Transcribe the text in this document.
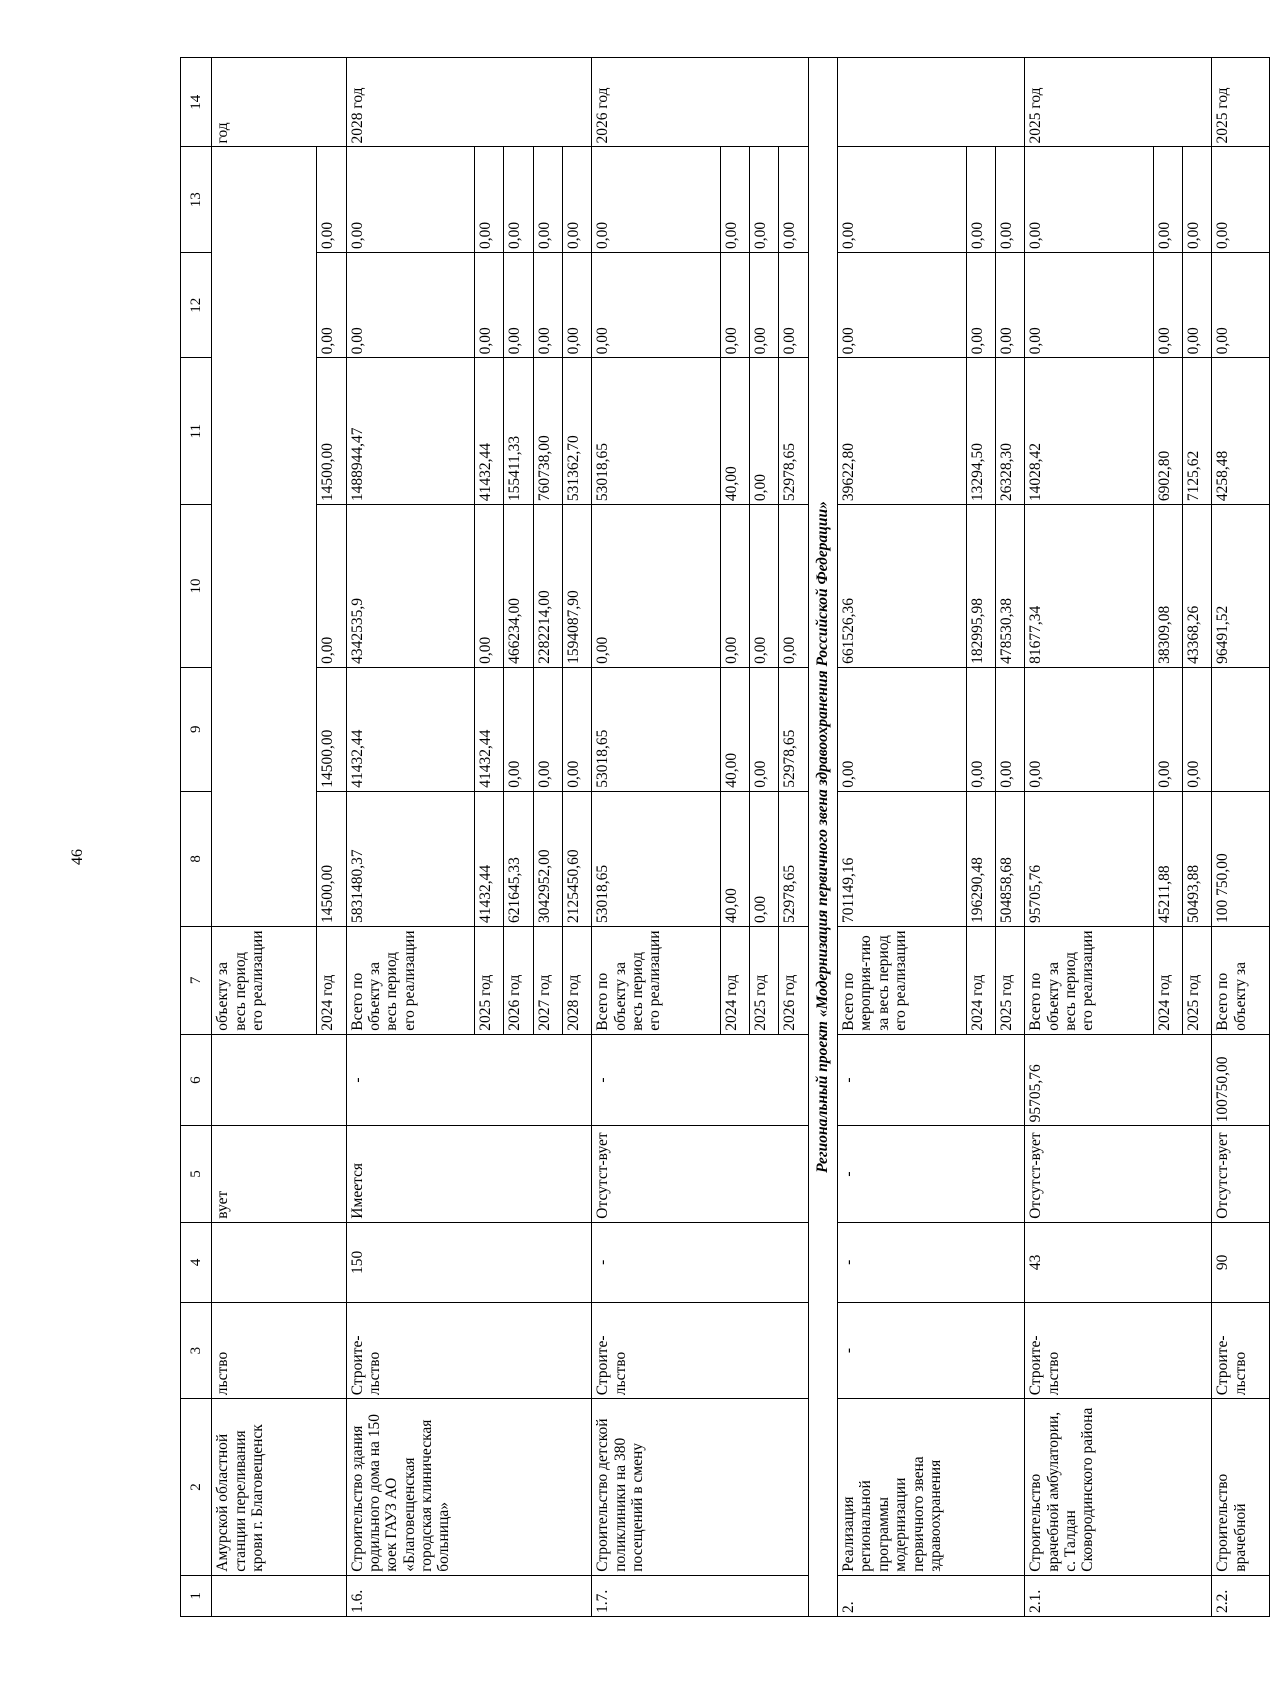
46
1	2	3	4	5	6	7	8	9	10	11	12	13	14
	Амурской областной станции переливания крови г. Благовещенск	льство		вует		объекту за весь период его реализации							год
						2024 год	14500,00	14500,00	0,00	14500,00	0,00	0,00	
1.6.	Строительство здания родильного дома на 150 коек ГАУЗ АО «Благовещенская городская клиническая больница»	Строите-льство	150	Имеется	-	Всего по объекту за весь период его реализации	5831480,37	41432,44	4342535,9	1488944,47	0,00	0,00	2028 год
						2025 год	41432,44	41432,44	0,00	41432,44	0,00	0,00	
						2026 год	621645,33	0,00	466234,00	155411,33	0,00	0,00	
						2027 год	3042952,00	0,00	2282214,00	760738,00	0,00	0,00	
						2028 год	2125450,60	0,00	1594087,90	531362,70	0,00	0,00	
1.7.	Строительство детской поликлиники на 380 посещений в смену	Строите-льство	-	Отсутст-вует	-	Всего по объекту за весь период его реализации	53018,65	53018,65	0,00	53018,65	0,00	0,00	2026 год
						2024 год	40,00	40,00	0,00	40,00	0,00	0,00	
						2025 год	0,00	0,00	0,00	0,00	0,00	0,00	
						2026 год	52978,65	52978,65	0,00	52978,65	0,00	0,00	
Региональный проект «Модернизация первичного звена здравоохранения Российской Федерации»													
2.	Реализация региональной программы модернизации первичного звена здравоохранения	-	-	-	-	Всего по мероприя-тию за весь период его реализации	701149,16	0,00	661526,36	39622,80	0,00	0,00	
						2024 год	196290,48	0,00	182995,98	13294,50	0,00	0,00	
						2025 год	504858,68	0,00	478530,38	26328,30	0,00	0,00	
2.1.	Строительство врачебной амбулатории, с. Талдан Сковородинского района	Строите-льство	43	Отсутст-вует	95705,76	Всего по объекту за весь период его реализации	95705,76	0,00	81677,34	14028,42	0,00	0,00	2025 год
						2024 год	45211,88	0,00	38309,08	6902,80	0,00	0,00	
						2025 год	50493,88	0,00	43368,26	7125,62	0,00	0,00	
2.2.	Строительство врачебной	Строите-льство	90	Отсутст-вует	100750,00	Всего по объекту за	100 750,00		96491,52	4258,48	0,00	0,00	2025 год
